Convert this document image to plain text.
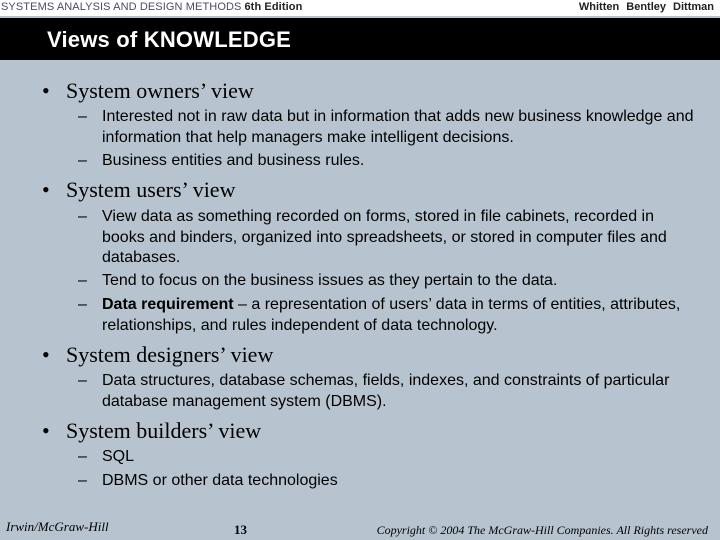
SYSTEMS ANALYSIS AND DESIGN METHODS 6th Edition	Whitten Bentley Dittman
Views of KNOWLEDGE
• System owners’ view
– Interested not in raw data but in information that adds new business knowledge and information that help managers make intelligent decisions.
– Business entities and business rules.
• System users’ view
– View data as something recorded on forms, stored in file cabinets, recorded in books and binders, organized into spreadsheets, or stored in computer files and databases.
– Tend to focus on the business issues as they pertain to the data.
– Data requirement – a representation of users’ data in terms of entities, attributes, relationships, and rules independent of data technology.
• System designers’ view
– Data structures, database schemas, fields, indexes, and constraints of particular database management system (DBMS).
• System builders’ view
– SQL
– DBMS or other data technologies
Irwin/McGraw-Hill	13	Copyright © 2004 The McGraw-Hill Companies. All Rights reserved
